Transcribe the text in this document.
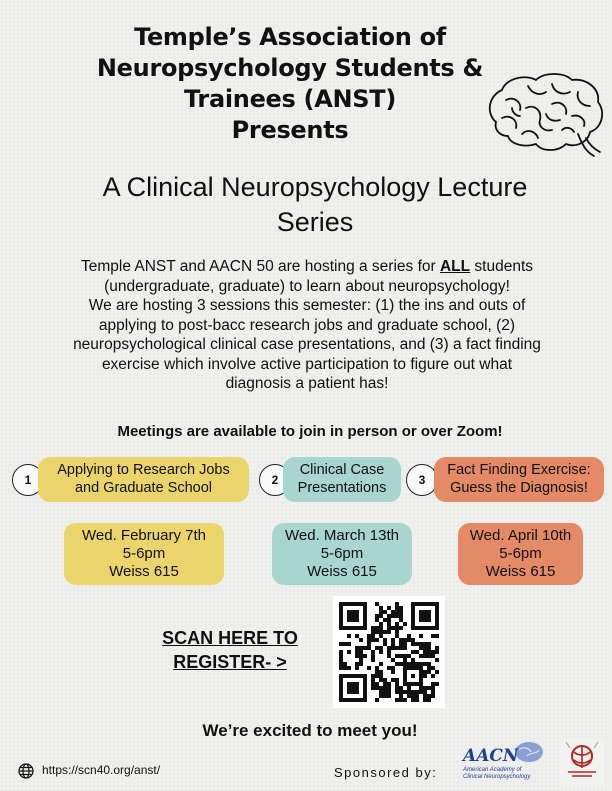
Temple’s Association of
Neuropsychology Students &
Trainees (ANST)
Presents
A Clinical Neuropsychology Lecture
Series
Temple ANST and AACN 50 are hosting a series for ALL students
(undergraduate, graduate) to learn about neuropsychology!
We are hosting 3 sessions this semester: (1) the ins and outs of
applying to post-bacc research jobs and graduate school, (2)
neuropsychological clinical case presentations, and (3) a fact finding
exercise which involve active participation to figure out what
diagnosis a patient has!
Meetings are available to join in person or over Zoom!
1
Applying to Research Jobs
and Graduate School	2
Clinical Case
Presentations	3
Fact Finding Exercise:
Guess the Diagnosis!
Wed. February 7th
5-6pm
Weiss 615
Wed. March 13th
5-6pm
Weiss 615
Wed. April 10th
5-6pm
Weiss 615
SCAN HERE TO
REGISTER- >
We’re excited to meet you!
https://scn40.org/anst/	Sponsored by:
AACN
American Academy of
Clinical Neuropsychology
